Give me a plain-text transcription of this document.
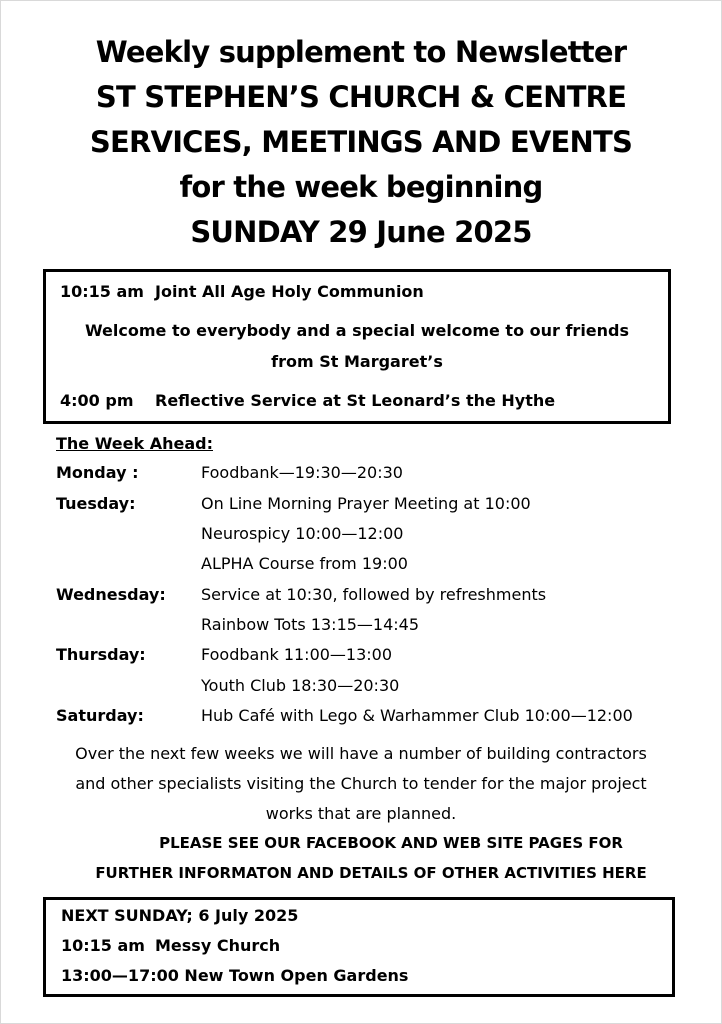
Weekly supplement to Newsletter
ST STEPHEN’S CHURCH & CENTRE
SERVICES, MEETINGS AND EVENTS
for the week beginning
SUNDAY 29 June 2025
10:15 am Joint All Age Holy Communion
Welcome to everybody and a special welcome to our friends
from St Margaret’s
4:00 pm Reflective Service at St Leonard’s the Hythe
The Week Ahead:
Monday :	Foodbank—19:30—20:30
Tuesday:	On Line Morning Prayer Meeting at 10:00
Neurospicy 10:00—12:00
ALPHA Course from 19:00
Wednesday: Service at 10:30, followed by refreshments
Rainbow Tots 13:15—14:45
Thursday:	Foodbank 11:00—13:00
Youth Club 18:30—20:30
Saturday:	Hub Café with Lego & Warhammer Club 10:00—12:00
Over the next few weeks we will have a number of building contractors
and other specialists visiting the Church to tender for the major project
works that are planned.
PLEASE SEE OUR FACEBOOK AND WEB SITE PAGES FOR
FURTHER INFORMATON AND DETAILS OF OTHER ACTIVITIES HERE
NEXT SUNDAY; 6 July 2025
10:15 am Messy Church
13:00—17:00 New Town Open Gardens
